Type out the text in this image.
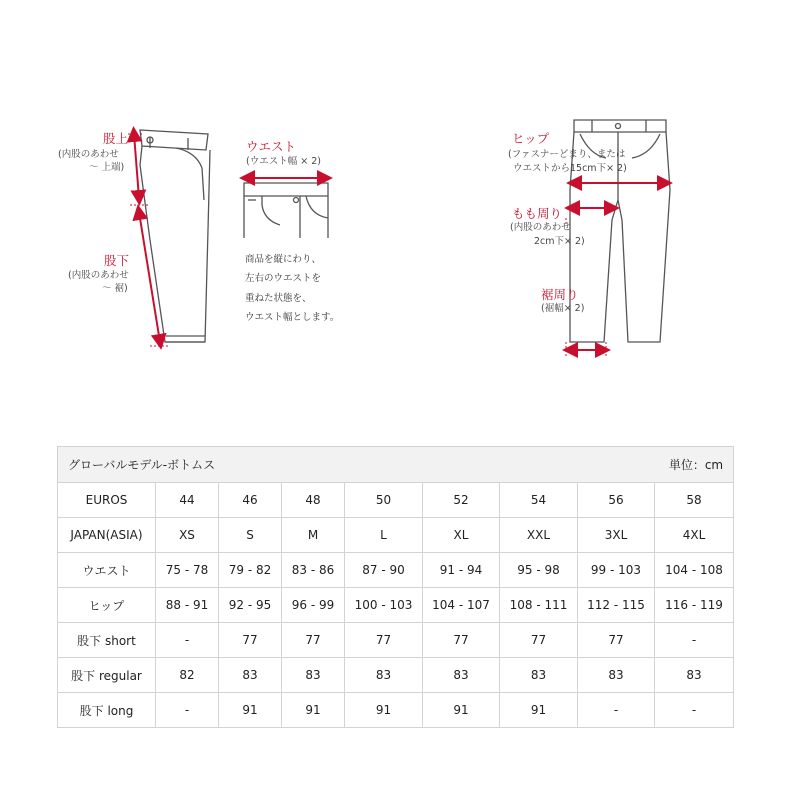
股上
(内股のあわせ
～ 上端)
股下
(内股のあわせ
～ 裾)
ウエスト
(ウエスト幅 × 2)
商品を縦にわり、
左右のウエストを
重ねた状態を、
ウエスト幅とします。
ヒップ
(ファスナーどまり、または
ウエストから15cm下× 2)
もも周り
(内股のあわせ
2cm下× 2)
裾周り
(裾幅× 2)
グローバルモデル-ボトムス 単位：cm								

EUROS	44	46	48	50	52	54	56	58
JAPAN(ASIA)	XS	S	M	L	XL	XXL	3XL	4XL
ウエスト	75 - 78	79 - 82	83 - 86	87 - 90	91 - 94	95 - 98	99 - 103	104 - 108
ヒップ	88 - 91	92 - 95	96 - 99	100 - 103	104 - 107	108 - 111	112 - 115	116 - 119
股下 short	-	77	77	77	77	77	77	-
股下 regular	82	83	83	83	83	83	83	83
股下 long	-	91	91	91	91	91	-	-
